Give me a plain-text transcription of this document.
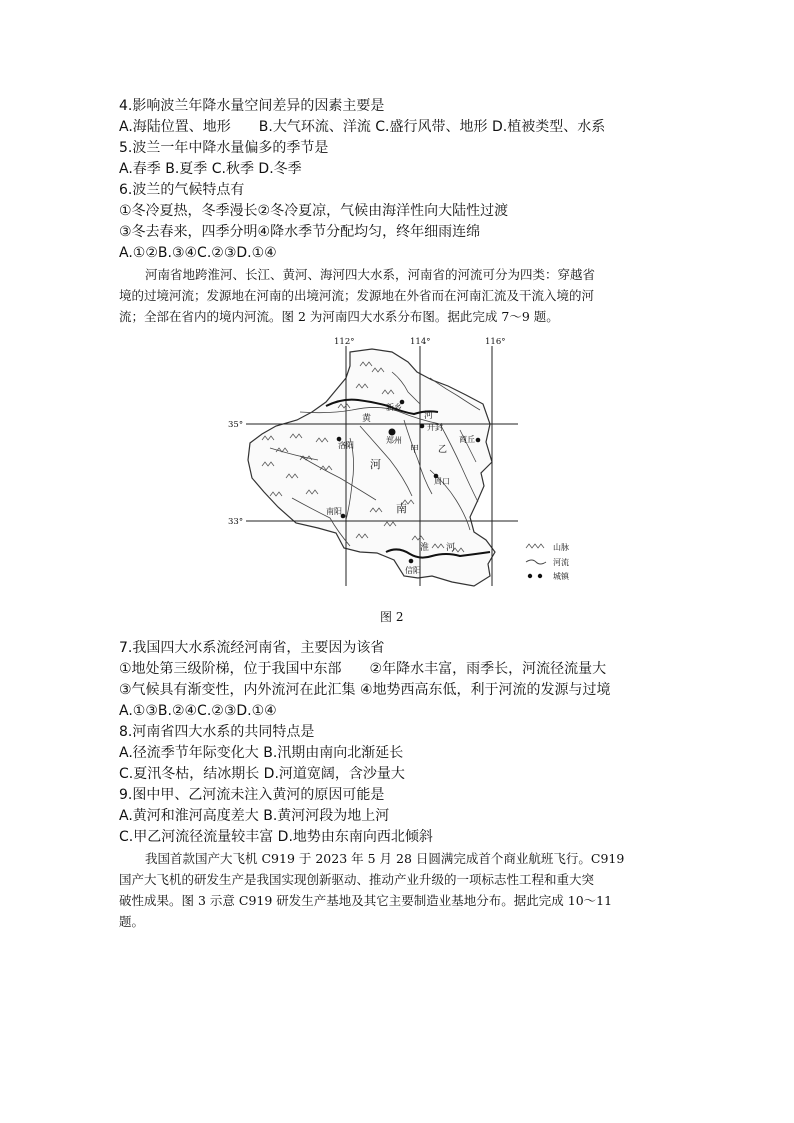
4.影响波兰年降水量空间差异的因素主要是
A.海陆位置、地形　　B.大气环流、洋流 C.盛行风带、地形 D.植被类型、水系
5.波兰一年中降水量偏多的季节是
A.春季 B.夏季 C.秋季 D.冬季
6.波兰的气候特点有
①冬冷夏热，冬季漫长②冬冷夏凉，气候由海洋性向大陆性过渡
③冬去春来，四季分明④降水季节分配均匀，终年细雨连绵
A.①②B.③④C.②③D.①④
河南省地跨淮河、长江、黄河、海河四大水系，河南省的河流可分为四类：穿越省
境的过境河流；发源地在河南的出境河流；发源地在外省而在河南汇流及干流入境的河
流；全部在省内的境内河流。图 2 为河南四大水系分布图。据此完成 7～9 题。
新乡
开封
洛阳
郑州	商丘
周口
南阳
信阳
黄	河
淮 河
河
南
甲 乙
112°	114°	116°
35°
33°
山脉
河流
城镇
图 2
7.我国四大水系流经河南省，主要因为该省
①地处第三级阶梯，位于我国中东部　　②年降水丰富，雨季长，河流径流量大
③气候具有渐变性，内外流河在此汇集 ④地势西高东低，利于河流的发源与过境
A.①③B.②④C.②③D.①④
8.河南省四大水系的共同特点是
A.径流季节年际变化大 B.汛期由南向北渐延长
C.夏汛冬枯，结冰期长 D.河道宽阔，含沙量大
9.图中甲、乙河流未注入黄河的原因可能是
A.黄河和淮河高度差大 B.黄河河段为地上河
C.甲乙河流径流量较丰富 D.地势由东南向西北倾斜
我国首款国产大飞机 C919 于 2023 年 5 月 28 日圆满完成首个商业航班飞行。C919
国产大飞机的研发生产是我国实现创新驱动、推动产业升级的一项标志性工程和重大突
破性成果。图 3 示意 C919 研发生产基地及其它主要制造业基地分布。据此完成 10～11
题。
